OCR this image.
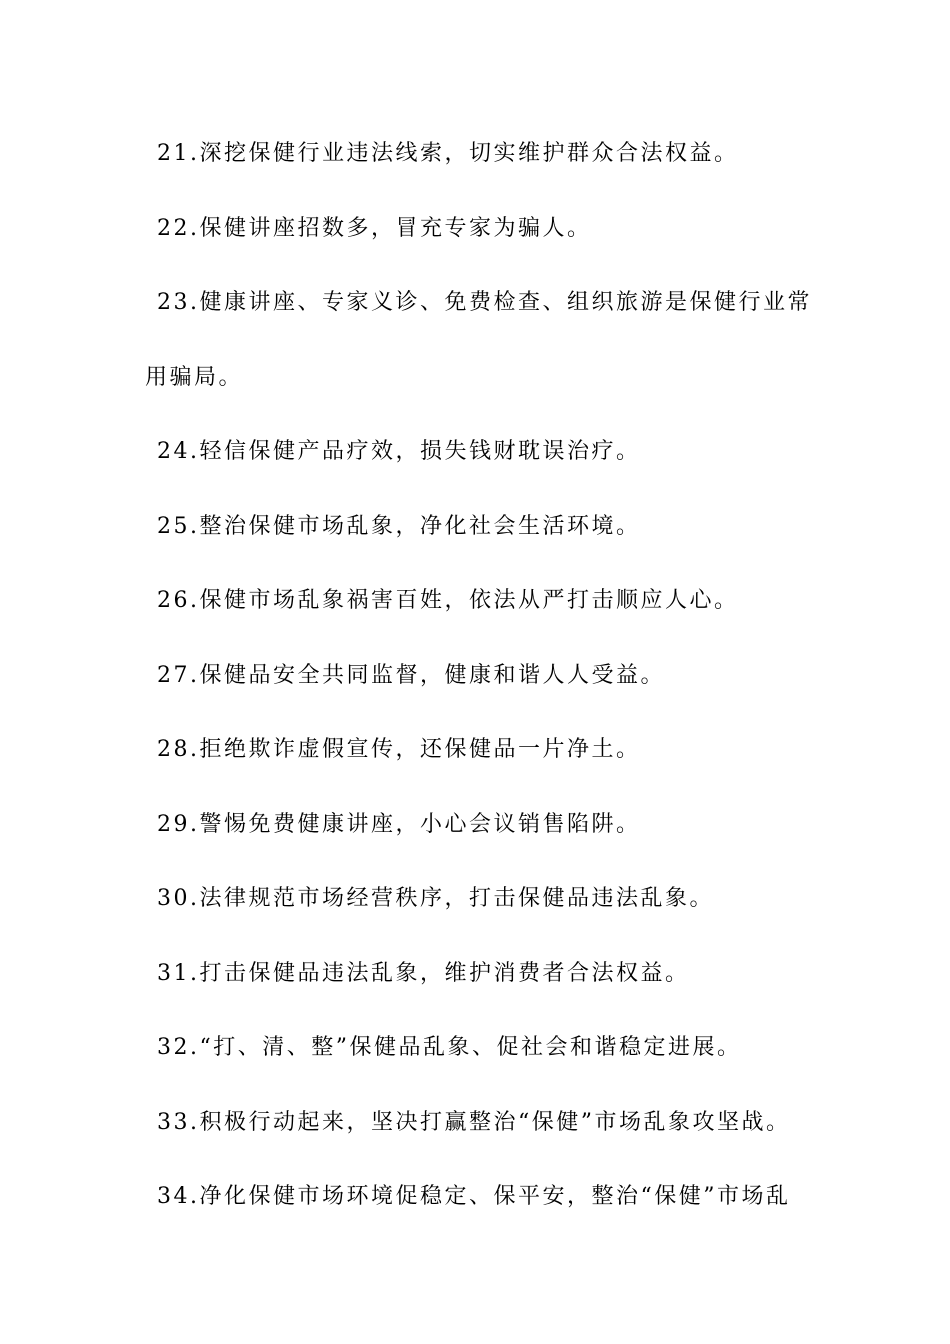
21.深挖保健行业违法线索，切实维护群众合法权益。
22.保健讲座招数多，冒充专家为骗人。
23.健康讲座、专家义诊、免费检查、组织旅游是保健行业常
用骗局。
24.轻信保健产品疗效，损失钱财耽误治疗。
25.整治保健市场乱象，净化社会生活环境。
26.保健市场乱象祸害百姓，依法从严打击顺应人心。
27.保健品安全共同监督，健康和谐人人受益。
28.拒绝欺诈虚假宣传，还保健品一片净土。
29.警惕免费健康讲座，小心会议销售陷阱。
30.法律规范市场经营秩序，打击保健品违法乱象。
31.打击保健品违法乱象，维护消费者合法权益。
32.“打、清、整”保健品乱象、促社会和谐稳定进展。
33.积极行动起来，坚决打赢整治“保健”市场乱象攻坚战。
34.净化保健市场环境促稳定、保平安，整治“保健”市场乱
